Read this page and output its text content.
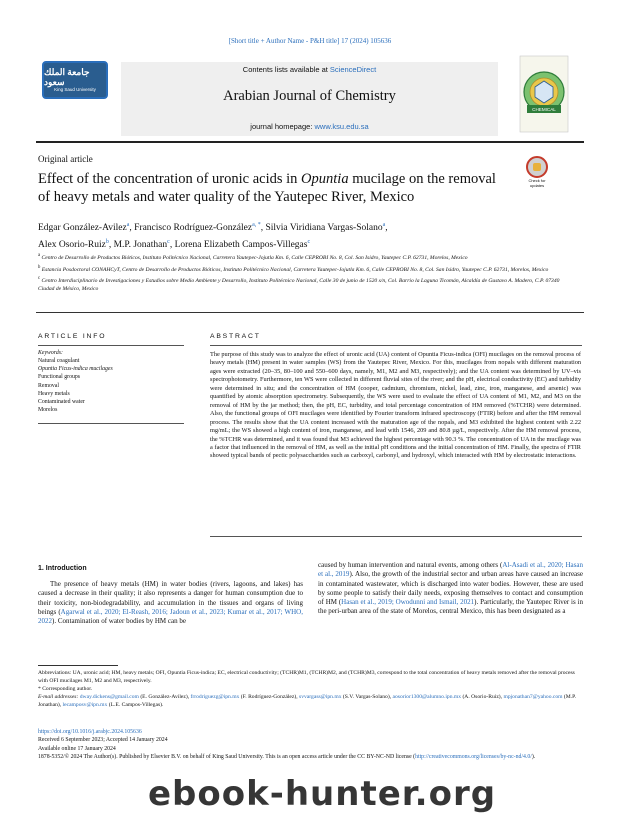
[Short title + Author Name - P&H title] 17 (2024) 105636
جامعة الملك سعود
King Saud University
Contents lists available at ScienceDirect
Arabian Journal of Chemistry
journal homepage: www.ksu.edu.sa
CHEMICAL
Original article
Effect of the concentration of uronic acids in Opuntia mucilage on the removal of heavy metals and water quality of the Yautepec River, Mexico
Check for updates
Edgar González-Avilez$^a$, Francisco Rodríguez-González$^{a, *}$, Silvia Viridiana Vargas-Solano$^a$,
Alex Osorio-Ruiz$^b$, M.P. Jonathan$^c$, Lorena Elizabeth Campos-Villegas$^c$
$^a$ Centro de Desarrollo de Productos Bióticos, Instituto Politécnico Nacional, Carretera Yautepec-Jojutla Km. 6, Calle CEPROBI No. 8, Col. San Isidro, Yautepec C.P. 62731, Morelos, Mexico
$^b$ Estancia Posdoctoral CONAHCyT, Centro de Desarrollo de Productos Bióticos, Instituto Politécnico Nacional, Carretera Yautepec-Jojutla Km. 6, Calle CEPROBI No. 8, Col. San Isidro, Yautepec C.P. 62731, Morelos, Mexico
$^c$ Centro Interdisciplinario de Investigaciones y Estudios sobre Medio Ambiente y Desarrollo, Instituto Politécnico Nacional, Calle 30 de junio de 1520 s/n, Col. Barrio la Laguna Ticomán, Alcaldía de Gustavo A. Madero, C.P. 07340 Ciudad de México, Mexico
ARTICLE INFO	ABSTRACT
Keywords:
Natural coagulant
Opuntia Ficus-indica mucilages
Functional groups
Removal
Heavy metals
Contaminated water
Morelos
The purpose of this study was to analyze the effect of uronic acid (UA) content of Opuntia Ficus-indica (OFI) mucilages on the removal process of heavy metals (HM) present in water samples (WS) from the Yautepec River, Mexico. For this, mucilages from nopals with different maturation ages were extracted (20–35, 80–100 and 550–600 days, namely, M1, M2 and M3, respectively); and the UA content was determined by UV–vis spectrophotometry. Furthermore, ten WS were collected in different fluvial sites of the river; and the pH, electrical conductivity (EC) and turbidity were determined in situ; and the concentration of HM (cooper, cadmium, chromium, nickel, lead, zinc, iron, manganese, and arsenic) was quantified by atomic absorption spectrometry. Subsequently, the WS were used to evaluate the effect of UA content of M1, M2, and M3 on the removal of HM by the jar method; then, the pH, EC, turbidity, and total percentage concentration of HM removed (%TCHR) were determined. Also, the functional groups of OFI mucilages were identified by Fourier transform infrared spectroscopy (FTIR) before and after the HM removal process. The results show that the UA content increased with the maturation age of the nopals, and M3 exhibited the highest content with 2.22 mg/mL; the WS showed a high content of iron, manganese, and lead with 1546, 209 and 80.8 µg/L, respectively. After the HM removal process, the %TCHR was determined, and it was found that M3 achieved the highest percentage with 90.3 %. The concentration of UA in the mucilage was a factor that influenced in the removal of HM, as well as the initial pH conditions and the initial concentration of HM. Finally, the spectra of FTIR showed typical bands of pectic polysaccharides such as carboxyl, carbonyl, and hydroxyl, which interacted with HM by electrostatic interactions.
1. Introduction
The presence of heavy metals (HM) in water bodies (rivers, lagoons, and lakes) has caused a decrease in their quality; it also represents a danger for human consumption due to their toxicity, non-biodegradability, and accumulation in the tissues and organs of living beings (Agarwal et al., 2020; El-Reash, 2016; Jadoun et al., 2023; Kumar et al., 2017; WHO, 2022). Contamination of water bodies by HM can be
caused by human intervention and natural events, among others (Al-Asadi et al., 2020; Hasan et al., 2019). Also, the growth of the industrial sector and urban areas have caused an increase in contaminated wastewater, which is discharged into water bodies. However, these are used by some people to satisfy their daily needs, exposing themselves to contact and consumption of HM (Hasan et al., 2019; Owodunni and Ismail, 2021). Particularly, the Yautepec River is in the peri-urban area of the state of Morelos, central Mexico, this has been designated as a
Abbreviations: UA, uronic acid; HM, heavy metals; OFI, Opuntia Ficus-indica; EC, electrical conductivity; (TCHR)M1, (TCHR)M2, and (TCHR)M3, correspond to the total concentration of heavy metals removed after the removal process with OFI mucilages M1, M2 and M3, respectively.
* Corresponding author.
E-mail addresses: dway.dickens@gmail.com (E. González-Avilez), frrodriguezg@ipn.mx (F. Rodríguez-González), svvargass@ipn.mx (S.V. Vargas-Solano), aosorior1300@alumno.ipn.mx (A. Osorio-Ruiz), mpjonathan7@yahoo.com (M.P. Jonathan), lecamposv@ipn.mx (L.E. Campos-Villegas).
https://doi.org/10.1016/j.arabjc.2024.105636
Received 6 September 2023; Accepted 14 January 2024
Available online 17 January 2024
1878-5352/© 2024 The Author(s). Published by Elsevier B.V. on behalf of King Saud University. This is an open access article under the CC BY-NC-ND license (http://creativecommons.org/licenses/by-nc-nd/4.0/).
ebook-hunter.org
